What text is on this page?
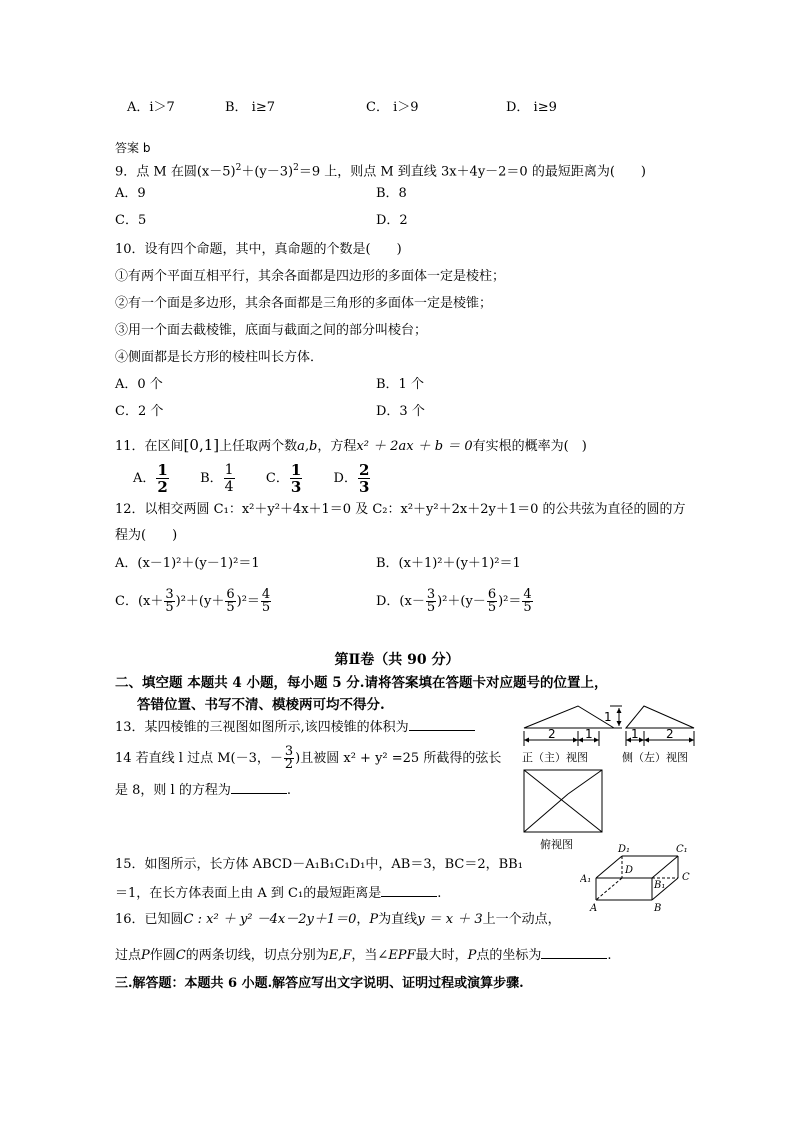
A．i＞7	B． i≥7	C． i＞9	D． i≥9
答案 b
9．点 M 在圆$(x-5)^2+(y-3)^2=9$ 上，则点 M 到直线 3x＋4y－2＝0 的最短距离为(　　)
A．9	B．8
C．5	D．2
10．设有四个命题，其中，真命题的个数是(　　)
①有两个平面互相平行，其余各面都是四边形的多面体一定是棱柱；
②有一个面是多边形，其余各面都是三角形的多面体一定是棱锥；
③用一个面去截棱锥，底面与截面之间的部分叫棱台；
④侧面都是长方形的棱柱叫长方体．
A．0 个	B．1 个
C．2 个	D．3 个
11．在区间[0,1]上任取两个数a,b，方程x² ＋ 2ax ＋ b ＝ 0有实根的概率为(　)
A． $\frac{1}{2}$ B． $\frac{1}{4}$ C． $\frac{1}{3}$ D． $\frac{2}{3}$
12．以相交两圆 C₁：x²＋y²＋4x＋1＝0 及 C₂：x²＋y²＋2x＋2y＋1＝0 的公共弦为直径的圆的方
程为(　　)
A．(x－1)²＋(y－1)²＝1	B．(x＋1)²＋(y＋1)²＝1
C．$(x+ \frac{3}{5} )^2+(y+ \frac{6}{5} )^2= \frac{4}{5}$	D．$(x- \frac{3}{5} )^2+(y- \frac{6}{5} )^2= \frac{4}{5}$
第Ⅱ卷（共 90 分）
二、填空题 本题共 4 小题，每小题 5 分.请将答案填在答题卡对应题号的位置上，
答错位置、书写不清、模棱两可均不得分.
13．某四棱锥的三视图如图所示,该四棱锥的体积为
14 若直线 l 过点 M(－3，－ $\frac{3}{2}$ )且被圆 x² + y² =25 所截得的弦长
是 8，则 l 的方程为	.
15．如图所示，长方体 ABCD－A₁B₁C₁D₁中，AB＝3，BC＝2，BB₁
＝1，在长方体表面上由 A 到 C₁的最短距离是	.
16．已知圆C : x² ＋ y² －4x－2y＋1＝0，P为直线y ＝ x ＋ 3上一个动点，
过点P作圆C的两条切线，切点分别为E,F，当∠EPF最大时，P点的坐标为	.
三.解答题：本题共 6 小题.解答应写出文字说明、证明过程或演算步骤.
2 1
1
1 2
正（主）视图	侧（左）视图
俯视图	D₁	C₁
A₁
B₁
D
C
A	B
